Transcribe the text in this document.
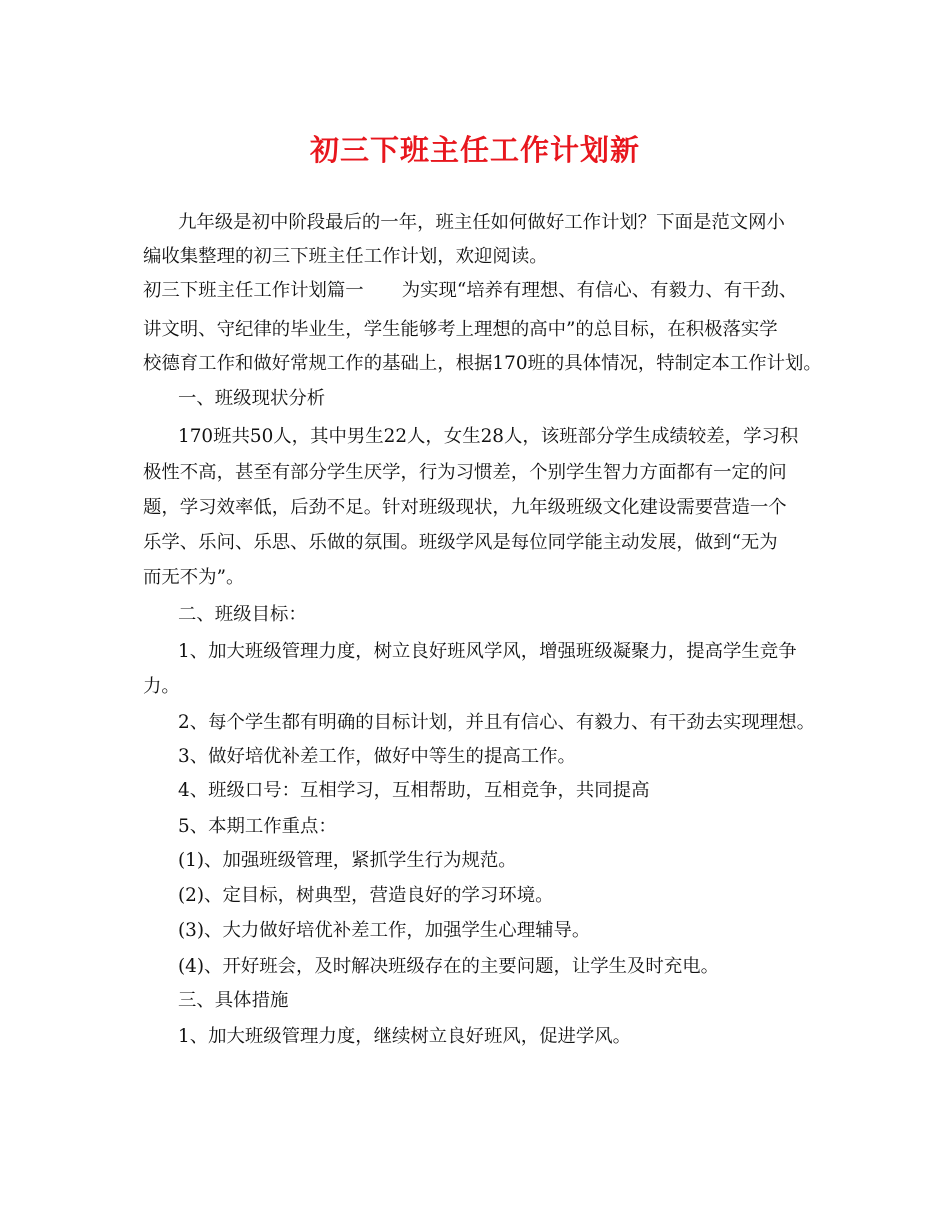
初三下班主任工作计划新
九年级是初中阶段最后的一年，班主任如何做好工作计划？下面是范文网小
编收集整理的初三下班主任工作计划，欢迎阅读。
初三下班主任工作计划篇一 为实现“培养有理想、有信心、有毅力、有干劲、
讲文明、守纪律的毕业生，学生能够考上理想的高中”的总目标，在积极落实学
校德育工作和做好常规工作的基础上，根据170班的具体情况，特制定本工作计划。
一、班级现状分析
170班共50人，其中男生22人，女生28人，该班部分学生成绩较差，学习积
极性不高，甚至有部分学生厌学，行为习惯差，个别学生智力方面都有一定的问
题，学习效率低，后劲不足。针对班级现状，九年级班级文化建设需要营造一个
乐学、乐问、乐思、乐做的氛围。班级学风是每位同学能主动发展，做到“无为
而无不为”。
二、班级目标：
1、加大班级管理力度，树立良好班风学风，增强班级凝聚力，提高学生竞争
力。
2、每个学生都有明确的目标计划，并且有信心、有毅力、有干劲去实现理想。
3、做好培优补差工作，做好中等生的提高工作。
4、班级口号：互相学习，互相帮助，互相竞争，共同提高
5、本期工作重点：
(1)、加强班级管理，紧抓学生行为规范。
(2)、定目标，树典型，营造良好的学习环境。
(3)、大力做好培优补差工作，加强学生心理辅导。
(4)、开好班会，及时解决班级存在的主要问题，让学生及时充电。
三、具体措施
1、加大班级管理力度，继续树立良好班风，促进学风。
